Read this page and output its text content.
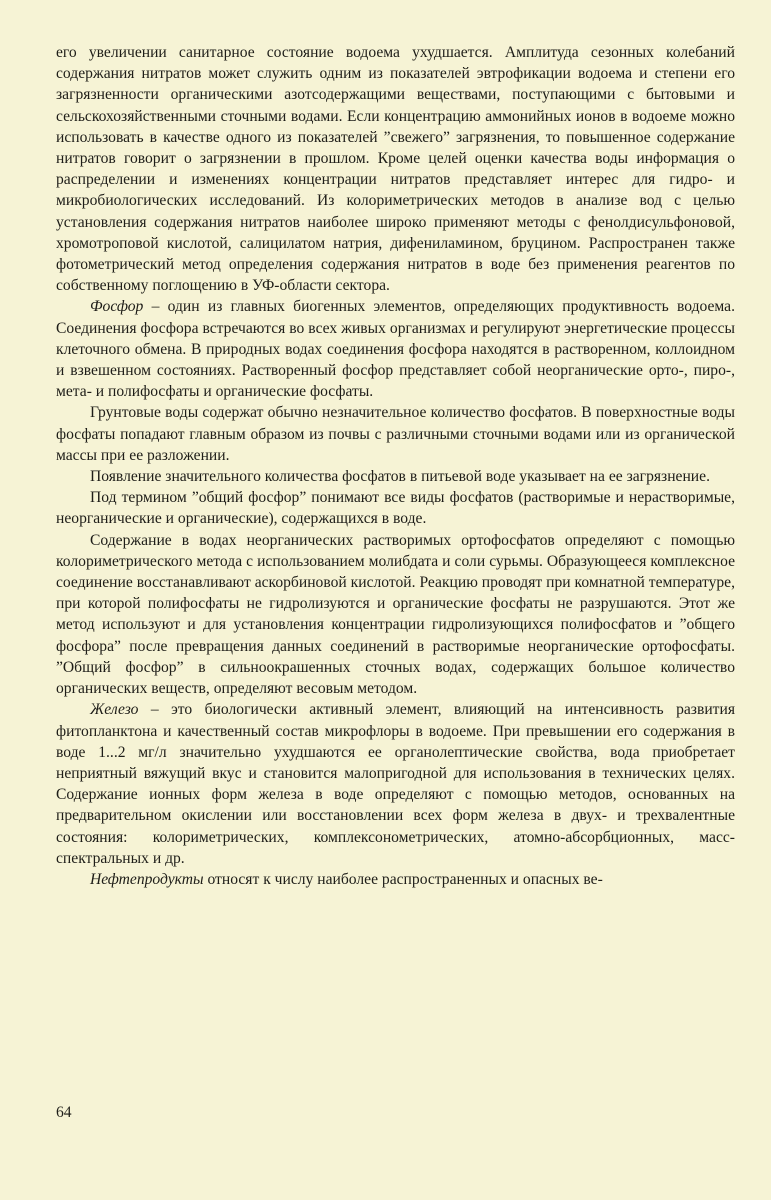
его увеличении санитарное состояние водоема ухудшается. Амплитуда сезонных колебаний содержания нитратов может служить одним из показателей эвтрофикации водоема и степени его загрязненности органическими азотсодержащими веществами, поступающими с бытовыми и сельскохозяйственными сточными водами. Если концентрацию аммонийных ионов в водоеме можно использовать в качестве одного из показателей ”свежего” загрязнения, то повышенное содержание нитратов говорит о загрязнении в прошлом. Кроме целей оценки качества воды информация о распределении и изменениях концентрации нитратов представляет интерес для гидро- и микробиологических исследований. Из колориметрических методов в анализе вод с целью установления содержания нитратов наиболее широко применяют методы с фенолдисульфоновой, хромотроповой кислотой, салицилатом натрия, дифениламином, бруцином. Распространен также фотометрический метод определения содержания нитратов в воде без применения реагентов по собственному поглощению в УФ-области сектора.

Фосфор – один из главных биогенных элементов, определяющих продуктивность водоема. Соединения фосфора встречаются во всех живых организмах и регулируют энергетические процессы клеточного обмена. В природных водах соединения фосфора находятся в растворенном, коллоидном и взвешенном состояниях. Растворенный фосфор представляет собой неорганические орто-, пиро-, мета- и полифосфаты и органические фосфаты.

Грунтовые воды содержат обычно незначительное количество фосфатов. В поверхностные воды фосфаты попадают главным образом из почвы с различными сточными водами или из органической массы при ее разложении.

Появление значительного количества фосфатов в питьевой воде указывает на ее загрязнение.

Под термином ”общий фосфор” понимают все виды фосфатов (растворимые и нерастворимые, неорганические и органические), содержащихся в воде.

Содержание в водах неорганических растворимых ортофосфатов определяют с помощью колориметрического метода с использованием молибдата и соли сурьмы. Образующееся комплексное соединение восстанавливают аскорбиновой кислотой. Реакцию проводят при комнатной температуре, при которой полифосфаты не гидролизуются и органические фосфаты не разрушаются. Этот же метод используют и для установления концентрации гидролизующихся полифосфатов и ”общего фосфора” после превращения данных соединений в растворимые неорганические ортофосфаты. ”Общий фосфор” в сильноокрашенных сточных водах, содержащих большое количество органических веществ, определяют весовым методом.

Железо – это биологически активный элемент, влияющий на интенсивность развития фитопланктона и качественный состав микрофлоры в водоеме. При превышении его содержания в воде 1...2 мг/л значительно ухудшаются ее органолептические свойства, вода приобретает неприятный вяжущий вкус и становится малопригодной для использования в технических целях. Содержание ионных форм железа в воде определяют с помощью методов, основанных на предварительном окислении или восстановлении всех форм железа в двух- и трехвалентные состояния: колориметрических, комплексонометрических, атомно-абсорбционных, масс-спектральных и др.

Нефтепродукты относят к числу наиболее распространенных и опасных ве-

64
